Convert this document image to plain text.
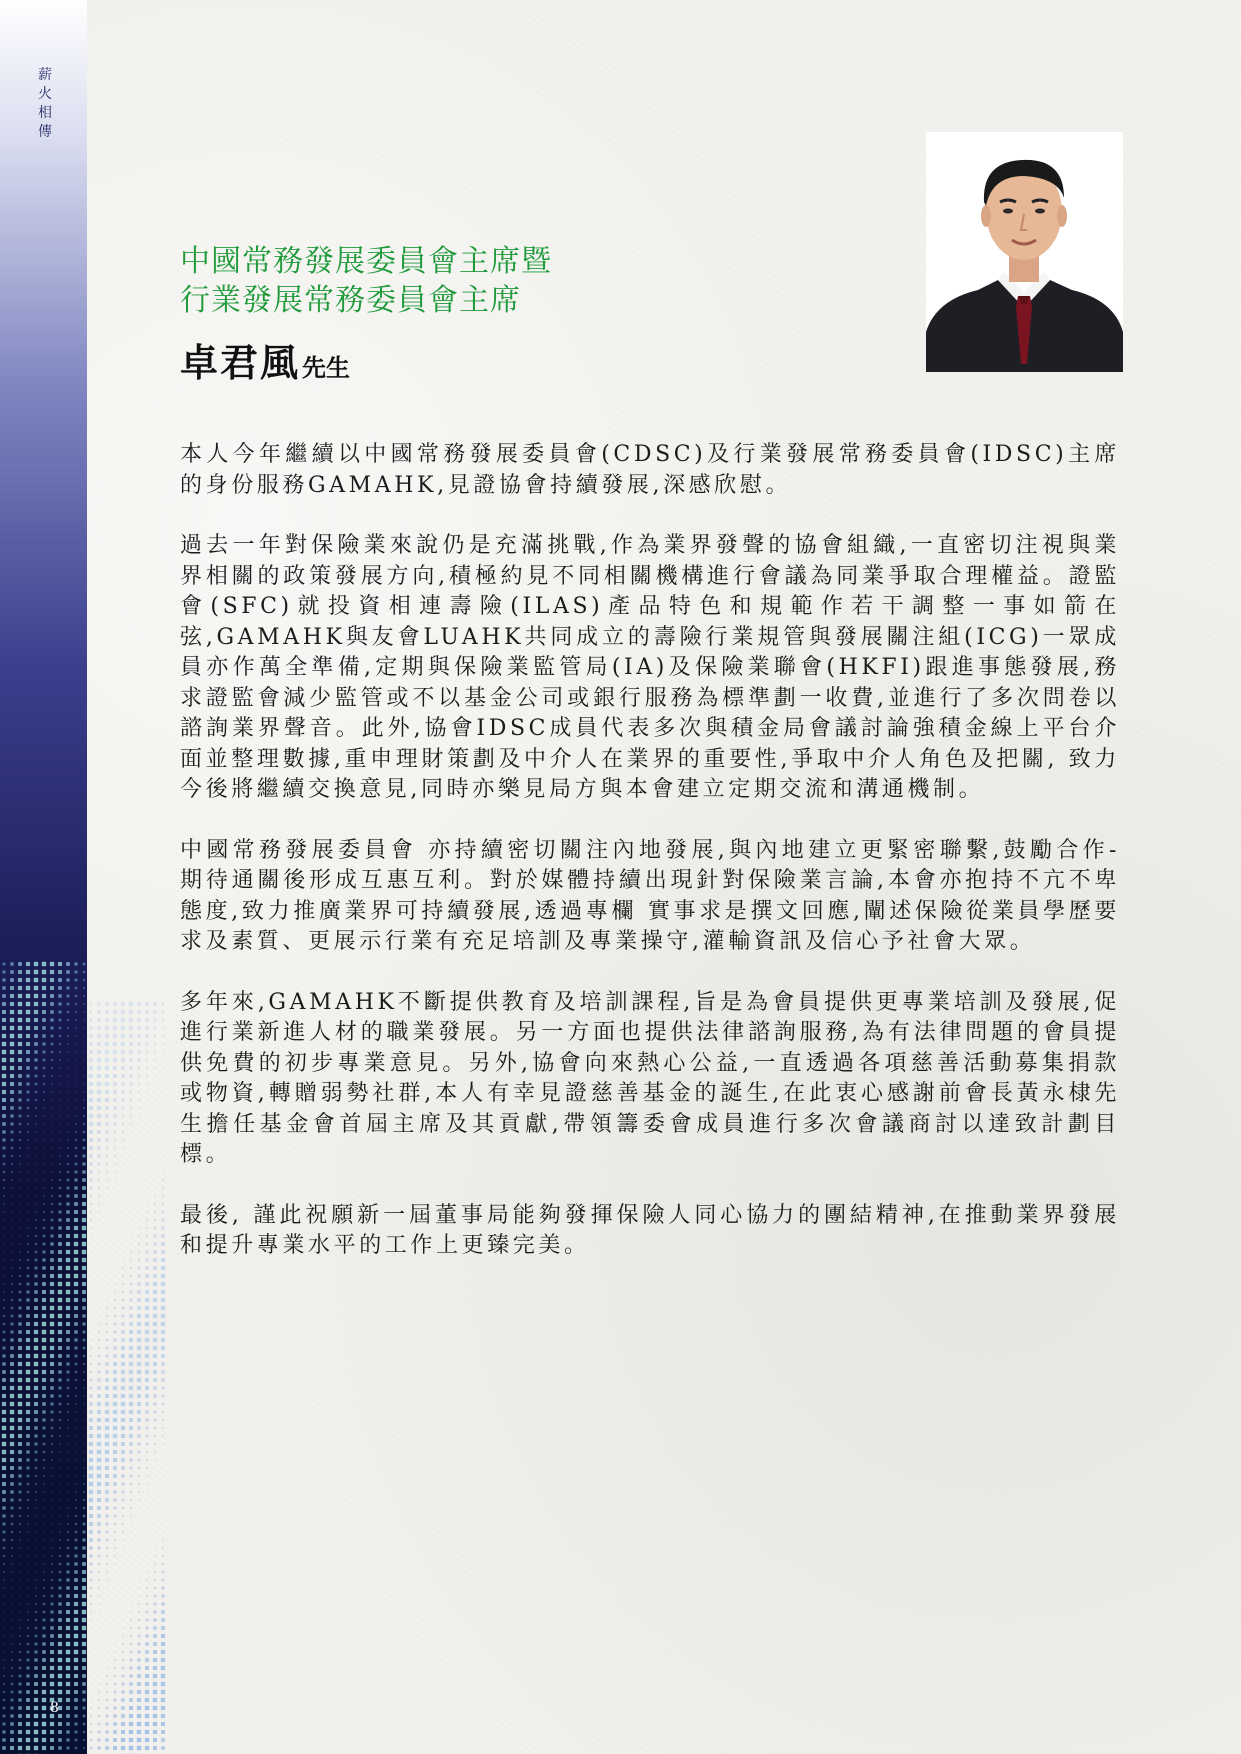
薪火相傳
8
中國常務發展委員會主席暨
行業發展常務委員會主席
卓君風先生

本人今年繼續以中國常務發展委員會(CDSC)及行業發展常務委員會(IDSC)主席的身份服務GAMAHK,見證協會持續發展,深感欣慰。

過去一年對保險業來說仍是充滿挑戰,作為業界發聲的協會組織,一直密切注視與業界相關的政策發展方向,積極約見不同相關機構進行會議為同業爭取合理權益。證監會(SFC)就投資相連壽險(ILAS)產品特色和規範作若干調整一事如箭在弦,GAMAHK與友會LUAHK共同成立的壽險行業規管與發展關注組(ICG)一眾成員亦作萬全準備,定期與保險業監管局(IA)及保險業聯會(HKFI)跟進事態發展,務求證監會減少監管或不以基金公司或銀行服務為標準劃一收費,並進行了多次問卷以諮詢業界聲音。此外,協會IDSC成員代表多次與積金局會議討論強積金線上平台介面並整理數據,重申理財策劃及中介人在業界的重要性,爭取中介人角色及把關, 致力今後將繼續交換意見,同時亦樂見局方與本會建立定期交流和溝通機制。

中國常務發展委員會 亦持續密切關注內地發展,與內地建立更緊密聯繫,鼓勵合作- 期待通關後形成互惠互利。對於媒體持續出現針對保險業言論,本會亦抱持不亢不卑態度,致力推廣業界可持續發展,透過專欄 實事求是撰文回應,闡述保險從業員學歷要求及素質、更展示行業有充足培訓及專業操守,灌輸資訊及信心予社會大眾。

多年來,GAMAHK不斷提供教育及培訓課程,旨是為會員提供更專業培訓及發展,促進行業新進人材的職業發展。另一方面也提供法律諮詢服務,為有法律問題的會員提供免費的初步專業意見。另外,協會向來熱心公益,一直透過各項慈善活動募集捐款或物資,轉贈弱勢社群,本人有幸見證慈善基金的誕生,在此衷心感謝前會長黃永棣先生擔任基金會首屆主席及其貢獻,帶領籌委會成員進行多次會議商討以達致計劃目標。

最後, 謹此祝願新一屆董事局能夠發揮保險人同心協力的團結精神,在推動業界發展和提升專業水平的工作上更臻完美。
